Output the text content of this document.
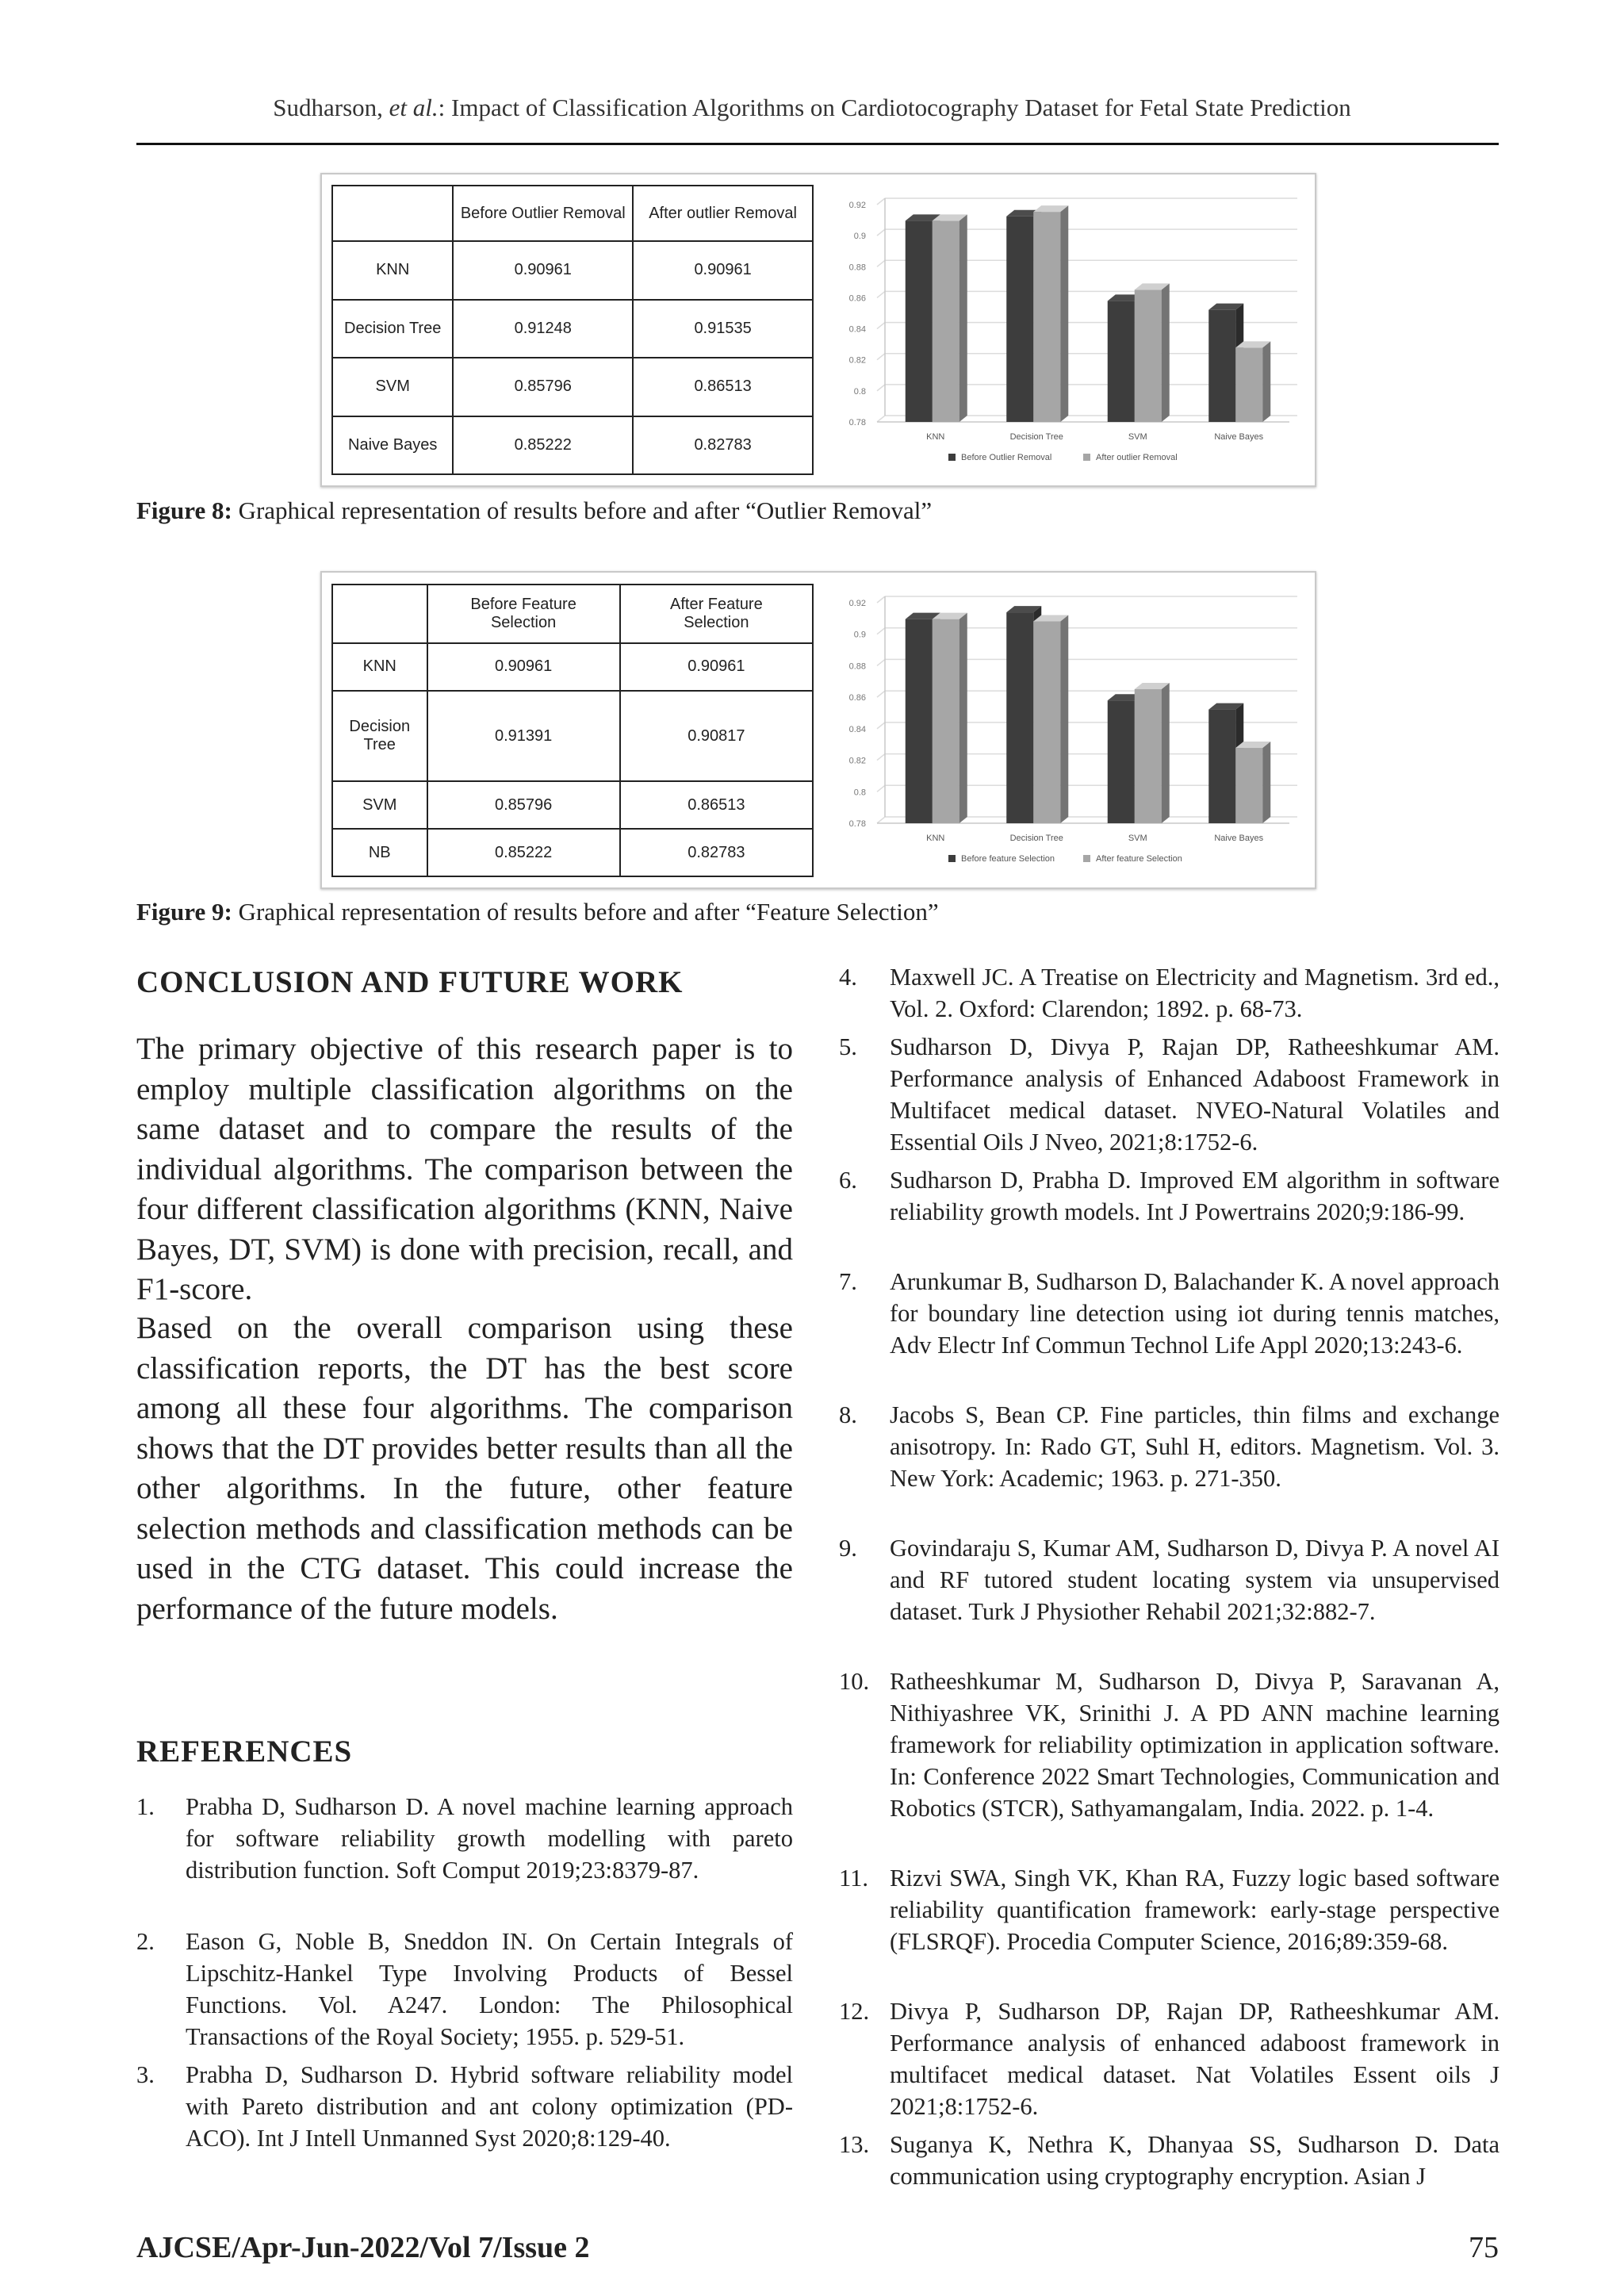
Sudharson, et al.: Impact of Classification Algorithms on Cardiotocography Dataset for Fetal State Prediction
	Before Outlier Removal	After outlier Removal
KNN	0.90961	0.90961
Decision Tree	0.91248	0.91535
SVM	0.85796	0.86513
Naive Bayes	0.85222	0.82783
0.78
0.8
0.82
0.84
0.86
0.88
0.9
0.92
KNN	Decision Tree	SVM	Naive Bayes
Before Outlier Removal	After outlier Removal
Figure 8: Graphical representation of results before and after “Outlier Removal”
	Before Feature Selection	After Feature Selection
KNN	0.90961	0.90961
Decision Tree	0.91391	0.90817
SVM	0.85796	0.86513
NB	0.85222	0.82783
0.78
0.8
0.82
0.84
0.86
0.88
0.9
0.92
KNN	Decision Tree	SVM	Naive Bayes
Before feature Selection	After feature Selection
Figure 9: Graphical representation of results before and after “Feature Selection”
CONCLUSION AND FUTURE WORK
The primary objective of this research paper is to employ multiple classification algorithms on the same dataset and to compare the results of the individual algorithms. The comparison between the four different classification algorithms (KNN, Naive Bayes, DT, SVM) is done with precision, recall, and F1-score.
Based on the overall comparison using these classification reports, the DT has the best score among all these four algorithms. The comparison shows that the DT provides better results than all the other algorithms. In the future, other feature selection methods and classification methods can be used in the CTG dataset. This could increase the performance of the future models.
REFERENCES
1. Prabha D, Sudharson D. A novel machine learning approach for software reliability growth modelling with pareto distribution function. Soft Comput 2019;23:8379-87.
2. Eason G, Noble B, Sneddon IN. On Certain Integrals of Lipschitz-Hankel Type Involving Products of Bessel Functions. Vol. A247. London: The Philosophical Transactions of the Royal Society; 1955. p. 529-51.
3. Prabha D, Sudharson D. Hybrid software reliability model with Pareto distribution and ant colony optimization (PD-ACO). Int J Intell Unmanned Syst 2020;8:129-40.
4. Maxwell JC. A Treatise on Electricity and Magnetism. 3rd ed., Vol. 2. Oxford: Clarendon; 1892. p. 68-73.
5. Sudharson D, Divya P, Rajan DP, Ratheeshkumar AM. Performance analysis of Enhanced Adaboost Framework in Multifacet medical dataset. NVEO-Natural Volatiles and Essential Oils J Nveo, 2021;8:1752-6.
6. Sudharson D, Prabha D. Improved EM algorithm in software reliability growth models. Int J Powertrains 2020;9:186-99.
7. Arunkumar B, Sudharson D, Balachander K. A novel approach for boundary line detection using iot during tennis matches, Adv Electr Inf Commun Technol Life Appl 2020;13:243-6.
8. Jacobs S, Bean CP. Fine particles, thin films and exchange anisotropy. In: Rado GT, Suhl H, editors. Magnetism. Vol. 3. New York: Academic; 1963. p. 271-350.
9. Govindaraju S, Kumar AM, Sudharson D, Divya P. A novel AI and RF tutored student locating system via unsupervised dataset. Turk J Physiother Rehabil 2021;32:882-7.
10. Ratheeshkumar M, Sudharson D, Divya P, Saravanan A, Nithiyashree VK, Srinithi J. A PD ANN machine learning framework for reliability optimization in application software. In: Conference 2022 Smart Technologies, Communication and Robotics (STCR), Sathyamangalam, India. 2022. p. 1-4.
11. Rizvi SWA, Singh VK, Khan RA, Fuzzy logic based software reliability quantification framework: early-stage perspective (FLSRQF). Procedia Computer Science, 2016;89:359-68.
12. Divya P, Sudharson DP, Rajan DP, Ratheeshkumar AM. Performance analysis of enhanced adaboost framework in multifacet medical dataset. Nat Volatiles Essent oils J 2021;8:1752-6.
13. Suganya K, Nethra K, Dhanyaa SS, Sudharson D. Data communication using cryptography encryption. Asian J
AJCSE/Apr-Jun-2022/Vol 7/Issue 2	75
